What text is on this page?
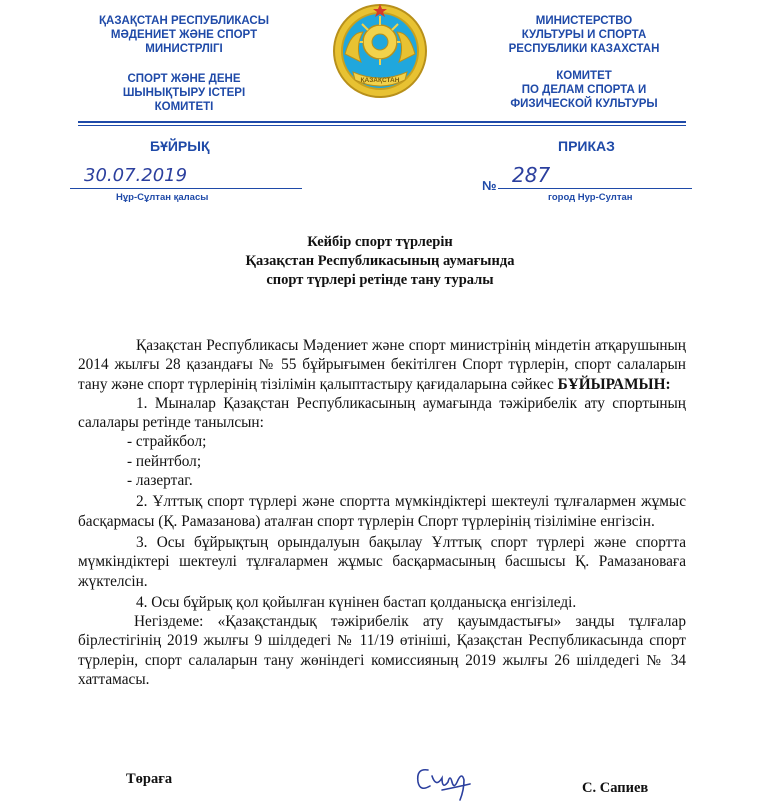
ҚАЗАҚСТАН РЕСПУБЛИКАСЫ
МӘДЕНИЕТ ЖӘНЕ СПОРТ
МИНИСТРЛІГІ
СПОРТ ЖӘНЕ ДЕНЕ
ШЫНЫҚТЫРУ ІСТЕРІ
КОМИТЕТІ
ҚАЗАҚСТАН
МИНИСТЕРСТВО
КУЛЬТУРЫ И СПОРТА
РЕСПУБЛИКИ КАЗАХСТАН
КОМИТЕТ
ПО ДЕЛАМ СПОРТА И
ФИЗИЧЕСКОЙ КУЛЬТУРЫ
БҰЙРЫҚ	ПРИКАЗ
30.07.2019
Нұр-Сұлтан қаласы
№ 287
город Нур-Султан
Кейбір спорт түрлерін
Қазақстан Республикасының аумағында
спорт түрлері ретінде тану туралы

Қазақстан Республикасы Мәдениет және спорт министрінің міндетін атқарушының 2014 жылғы 28 қазандағы № 55 бұйрығымен бекітілген Спорт түрлерін, спорт салаларын тану және спорт түрлерінің тізілімін қалыптастыру қағидаларына сәйкес БҰЙЫРАМЫН:

1. Мыналар Қазақстан Республикасының аумағында тәжірибелік ату спортының салалары ретінде танылсын:

- страйкбол;

- пейнтбол;

- лазертаг.

2. Ұлттық спорт түрлері және спортта мүмкіндіктері шектеулі тұлғалармен жұмыс басқармасы (Қ. Рамазанова) аталған спорт түрлерін Спорт түрлерінің тізіліміне енгізсін.

3. Осы бұйрықтың орындалуын бақылау Ұлттық спорт түрлері және спортта мүмкіндіктері шектеулі тұлғалармен жұмыс басқармасының басшысы Қ. Рамазановаға жүктелсін.

4. Осы бұйрық қол қойылған күнінен бастап қолданысқа енгізіледі.

Негіздеме: «Қазақстандық тәжірибелік ату қауымдастығы» заңды тұлғалар бірлестігінің 2019 жылғы 9 шілдедегі № 11/19 өтініші, Қазақстан Республикасында спорт түрлерін, спорт салаларын тану жөніндегі комиссияның 2019 жылғы 26 шілдедегі № 34 хаттамасы.

Төраға
С. Сапиев
